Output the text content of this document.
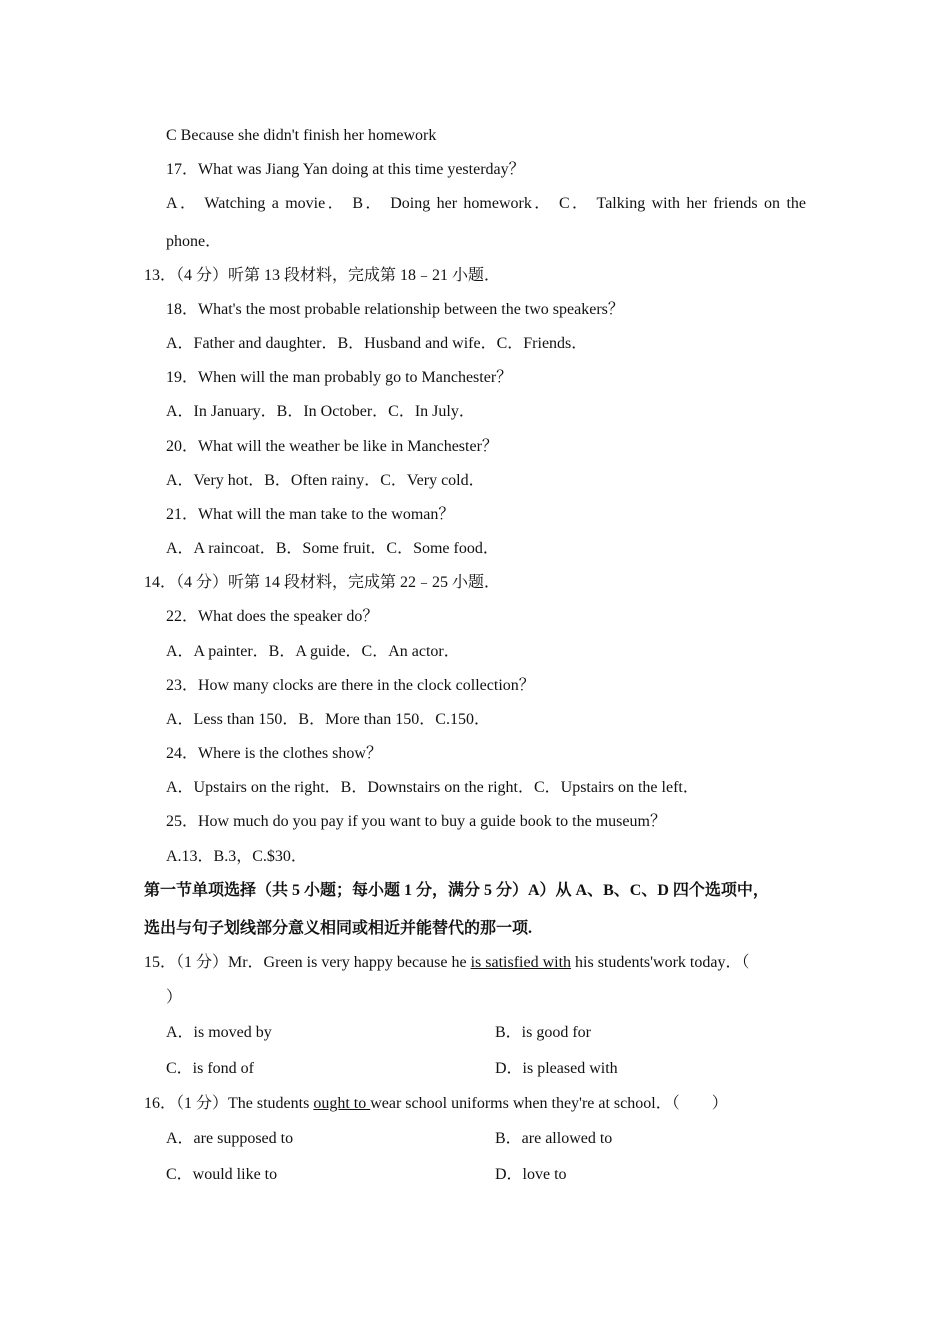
C Because she didn't finish her homework
17．What was Jiang Yan doing at this time yesterday？
A． Watching a movie． B． Doing her homework． C． Talking with her friends on the
phone．
13．（4 分）听第 13 段材料，完成第 18﹣21 小题．
18．What's the most probable relationship between the two speakers？
A．Father and daughter．B．Husband and wife．C．Friends．
19．When will the man probably go to Manchester？
A．In January．B．In October．C．In July．
20．What will the weather be like in Manchester？
A．Very hot．B．Often rainy．C．Very cold．
21．What will the man take to the woman？
A．A raincoat．B．Some fruit．C．Some food．
14．（4 分）听第 14 段材料，完成第 22﹣25 小题．
22．What does the speaker do？
A．A painter．B．A guide．C．An actor．
23．How many clocks are there in the clock collection？
A．Less than 150．B．More than 150．C.150．
24．Where is the clothes show？
A．Upstairs on the right．B．Downstairs on the right．C．Upstairs on the left．
25．How much do you pay if you want to buy a guide book to the museum？
A.13．B.3，C.$30．
第一节单项选择（共 5 小题；每小题 1 分，满分 5 分）A）从 A、B、C、D 四个选项中，
选出与句子划线部分意义相同或相近并能替代的那一项.
15．（1 分）Mr．Green is very happy because he is satisfied with his students'work today．（
）
A．is moved by	B．is good for
C．is fond of	D．is pleased with
16．（1 分）The students ought to wear school uniforms when they're at school．（　　）
A．are supposed to	B．are allowed to
C．would like to	D．love to
